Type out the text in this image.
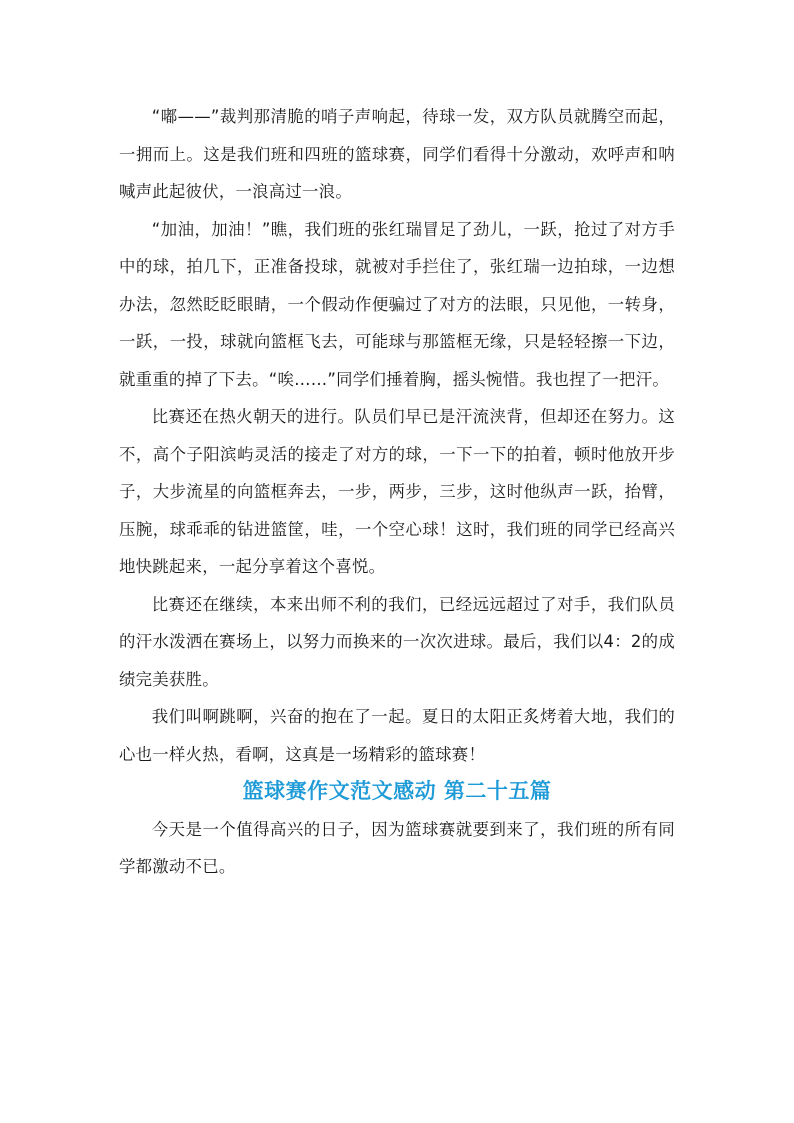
“嘟——”裁判那清脆的哨子声响起，待球一发，双方队员就腾空而起，一拥而上。这是我们班和四班的篮球赛，同学们看得十分激动，欢呼声和呐喊声此起彼伏，一浪高过一浪。

“加油，加油！”瞧，我们班的张红瑞冒足了劲儿，一跃，抢过了对方手中的球，拍几下，正准备投球，就被对手拦住了，张红瑞一边拍球，一边想办法，忽然眨眨眼睛，一个假动作便骗过了对方的法眼，只见他，一转身，一跃，一投，球就向篮框飞去，可能球与那篮框无缘，只是轻轻擦一下边，就重重的掉了下去。“唉……”同学们捶着胸，摇头惋惜。我也捏了一把汗。

比赛还在热火朝天的进行。队员们早已是汗流浃背，但却还在努力。这不，高个子阳滨屿灵活的接走了对方的球，一下一下的拍着，顿时他放开步子，大步流星的向篮框奔去，一步，两步，三步，这时他纵声一跃，抬臂，压腕，球乖乖的钻进篮筐，哇，一个空心球！这时，我们班的同学已经高兴地快跳起来，一起分享着这个喜悦。

比赛还在继续，本来出师不利的我们，已经远远超过了对手，我们队员的汗水泼洒在赛场上，以努力而换来的一次次进球。最后，我们以4：2的成绩完美获胜。

我们叫啊跳啊，兴奋的抱在了一起。夏日的太阳正炙烤着大地，我们的心也一样火热，看啊，这真是一场精彩的篮球赛！

篮球赛作文范文感动 第二十五篇

今天是一个值得高兴的日子，因为篮球赛就要到来了，我们班的所有同学都激动不已。
